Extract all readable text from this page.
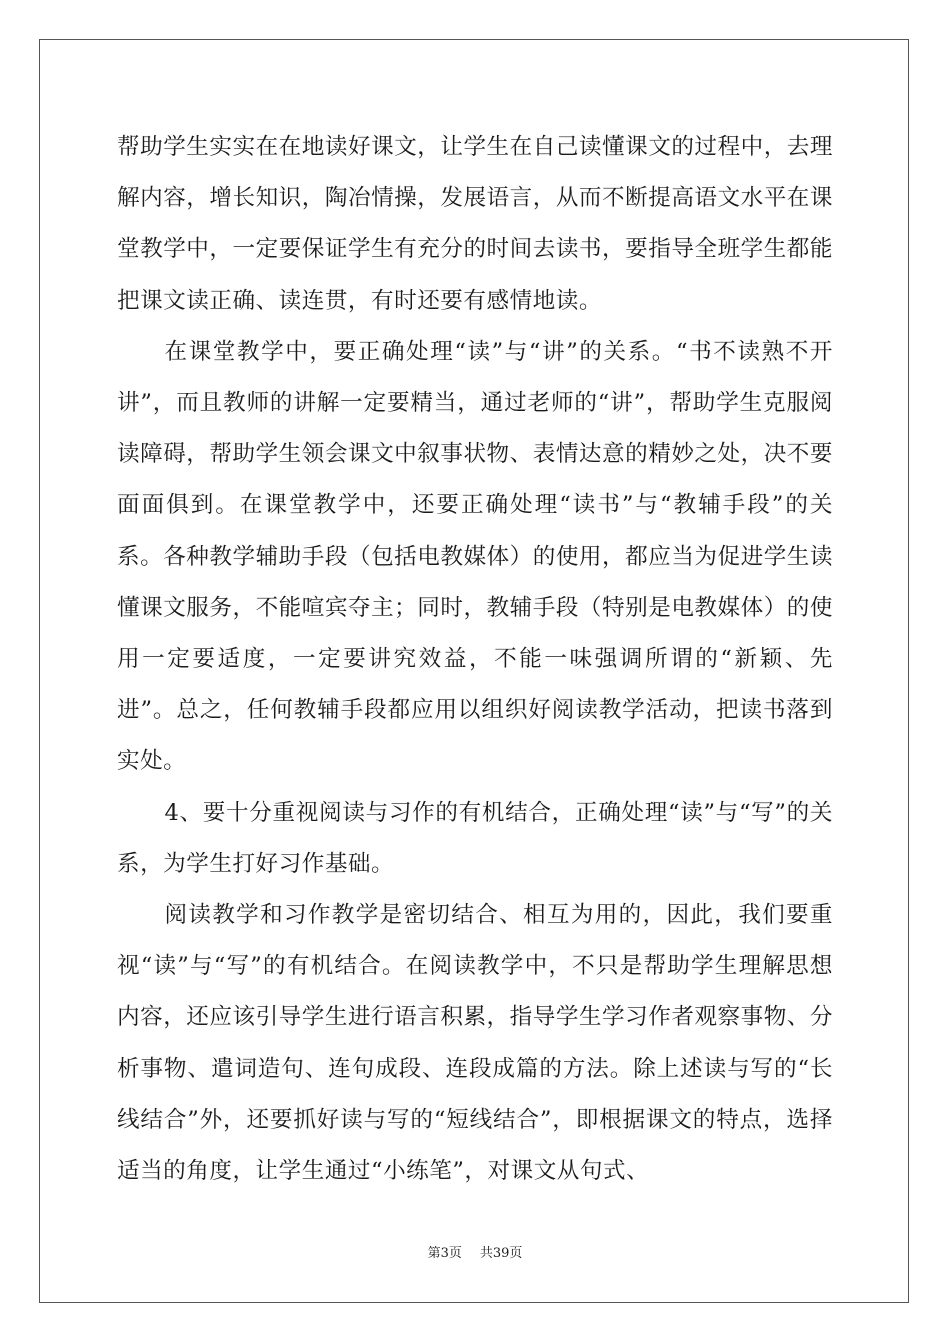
帮助学生实实在在地读好课文，让学生在自己读懂课文的过程中，去理解内容，增长知识，陶冶情操，发展语言，从而不断提高语文水平在课堂教学中，一定要保证学生有充分的时间去读书，要指导全班学生都能把课文读正确、读连贯，有时还要有感情地读。

在课堂教学中，要正确处理“读”与“讲”的关系。“书不读熟不开讲”，而且教师的讲解一定要精当，通过老师的“讲”，帮助学生克服阅读障碍，帮助学生领会课文中叙事状物、表情达意的精妙之处，决不要面面俱到。在课堂教学中，还要正确处理“读书”与“教辅手段”的关系。各种教学辅助手段（包括电教媒体）的使用，都应当为促进学生读懂课文服务，不能喧宾夺主；同时，教辅手段（特别是电教媒体）的使用一定要适度，一定要讲究效益，不能一味强调所谓的“新颖、先进”。总之，任何教辅手段都应用以组织好阅读教学活动，把读书落到实处。

4、要十分重视阅读与习作的有机结合，正确处理“读”与“写”的关系，为学生打好习作基础。

阅读教学和习作教学是密切结合、相互为用的，因此，我们要重视“读”与“写”的有机结合。在阅读教学中，不只是帮助学生理解思想内容，还应该引导学生进行语言积累，指导学生学习作者观察事物、分析事物、遣词造句、连句成段、连段成篇的方法。除上述读与写的“长线结合”外，还要抓好读与写的“短线结合”，即根据课文的特点，选择适当的角度，让学生通过“小练笔”，对课文从句式、

第3页 共39页
